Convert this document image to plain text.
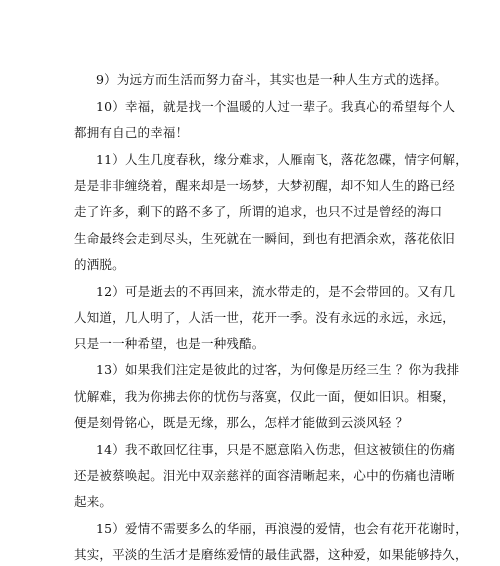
9）为远方而生活而努力奋斗，其实也是一种人生方式的选择。
10）幸福，就是找一个温暖的人过一辈子。我真心的希望每个人
都拥有自己的幸福！
11）人生几度春秋，缘分难求，人雁南飞，落花忽碟，情字何解，
是是非非缠绕着，醒来却是一场梦，大梦初醒，却不知人生的路已经
走了许多，剩下的路不多了，所谓的追求，也只不过是曾经的海口
生命最终会走到尽头，生死就在一瞬间，到也有把酒余欢，落花依旧
的洒脱。
12）可是逝去的不再回来，流水带走的，是不会带回的。又有几
人知道，几人明了，人活一世，花开一季。没有永远的永远，永远，
只是一一种希望，也是一种残酷。
13）如果我们注定是彼此的过客，为何像是历经三生 ？你为我排
忧解难，我为你拂去你的忧伤与落寞，仅此一面，便如旧识。相聚，
便是刻骨铭心，既是无缘，那么，怎样才能做到云淡风轻 ？
14）我不敢回忆往事，只是不愿意陷入伤悲，但这被锁住的伤痛
还是被蔡唤起。泪光中双亲慈祥的面容清晰起来，心中的伤痛也清晰
起来。
15）爱情不需要多么的华丽，再浪漫的爱情，也会有花开花谢时，
其实，平淡的生活才是磨练爱情的最佳武器，这种爱，如果能够持久，
